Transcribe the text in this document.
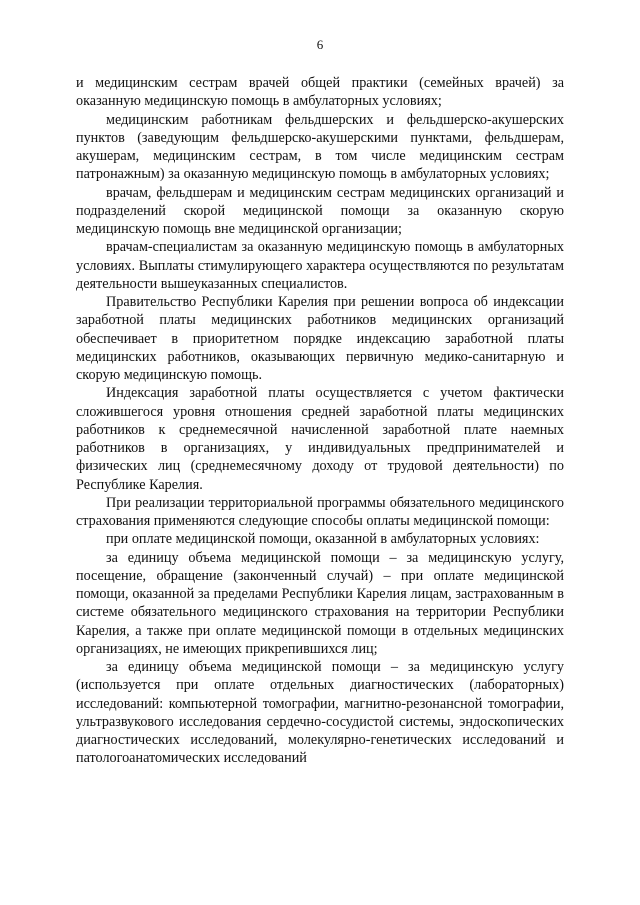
6

и медицинским сестрам врачей общей практики (семейных врачей) за оказанную медицинскую помощь в амбулаторных условиях;

медицинским работникам фельдшерских и фельдшерско-акушерских пунктов (заведующим фельдшерско-акушерскими пунктами, фельдшерам, акушерам, медицинским сестрам, в том числе медицинским сестрам патронажным) за оказанную медицинскую помощь в амбулаторных условиях;

врачам, фельдшерам и медицинским сестрам медицинских организаций и подразделений скорой медицинской помощи за оказанную скорую медицинскую помощь вне медицинской организации;

врачам-специалистам за оказанную медицинскую помощь в амбулаторных условиях. Выплаты стимулирующего характера осуществляются по результатам деятельности вышеуказанных специалистов.

Правительство Республики Карелия при решении вопроса об индексации заработной платы медицинских работников медицинских организаций обеспечивает в приоритетном порядке индексацию заработной платы медицинских работников, оказывающих первичную медико-санитарную и скорую медицинскую помощь.

Индексация заработной платы осуществляется с учетом фактически сложившегося уровня отношения средней заработной платы медицинских работников к среднемесячной начисленной заработной плате наемных работников в организациях, у индивидуальных предпринимателей и физических лиц (среднемесячному доходу от трудовой деятельности) по Республике Карелия.

При реализации территориальной программы обязательного медицинского страхования применяются следующие способы оплаты медицинской помощи:

при оплате медицинской помощи, оказанной в амбулаторных условиях:

за единицу объема медицинской помощи – за медицинскую услугу, посещение, обращение (законченный случай) – при оплате медицинской помощи, оказанной за пределами Республики Карелия лицам, застрахованным в системе обязательного медицинского страхования на территории Республики Карелия, а также при оплате медицинской помощи в отдельных медицинских организациях, не имеющих прикрепившихся лиц;

за единицу объема медицинской помощи – за медицинскую услугу (используется при оплате отдельных диагностических (лабораторных) исследований: компьютерной томографии, магнитно-резонансной томографии, ультразвукового исследования сердечно-сосудистой системы, эндоскопических диагностических исследований, молекулярно-генетических исследований и патологоанатомических исследований
